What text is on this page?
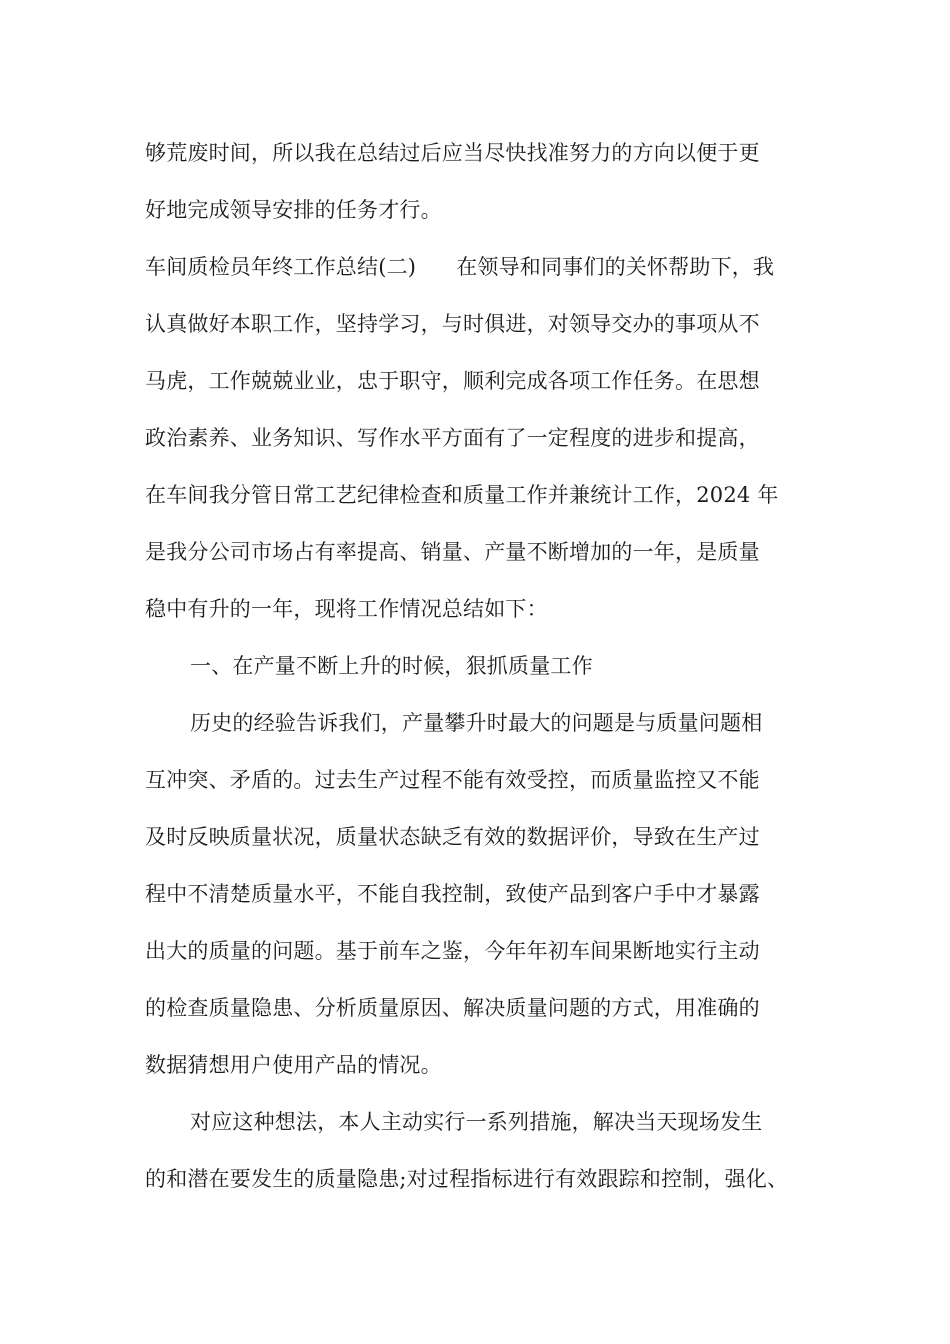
够荒废时间，所以我在总结过后应当尽快找准努力的方向以便于更
好地完成领导安排的任务才行。
车间质检员年终工作总结(二) 在领导和同事们的关怀帮助下，我
认真做好本职工作，坚持学习，与时俱进，对领导交办的事项从不
马虎，工作兢兢业业，忠于职守，顺利完成各项工作任务。在思想
政治素养、业务知识、写作水平方面有了一定程度的进步和提高，
在车间我分管日常工艺纪律检查和质量工作并兼统计工作，2024 年
是我分公司市场占有率提高、销量、产量不断增加的一年，是质量
稳中有升的一年，现将工作情况总结如下：
一、在产量不断上升的时候，狠抓质量工作
历史的经验告诉我们，产量攀升时最大的问题是与质量问题相
互冲突、矛盾的。过去生产过程不能有效受控，而质量监控又不能
及时反映质量状况，质量状态缺乏有效的数据评价，导致在生产过
程中不清楚质量水平，不能自我控制，致使产品到客户手中才暴露
出大的质量的问题。基于前车之鉴，今年年初车间果断地实行主动
的检查质量隐患、分析质量原因、解决质量问题的方式，用准确的
数据猜想用户使用产品的情况。
对应这种想法，本人主动实行一系列措施，解决当天现场发生
的和潜在要发生的质量隐患;对过程指标进行有效跟踪和控制，强化、
